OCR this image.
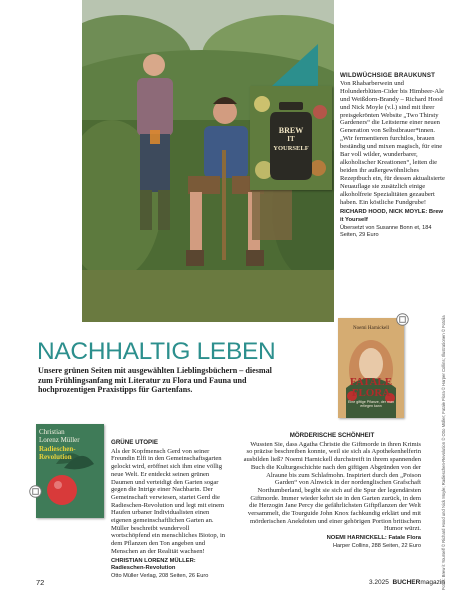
BREW
IT
YOURSELF
WILDWÜCHSIGE BRAUKUNST
Von Rhabarberwein und Holunderblüten-Cider bis Himbeer-Ale und Weißdorn-Brandy – Richard Hood und Nick Moyle (v.l.) sind mit ihrer preisgekrönten Website „Two Thirsty Gardeners“ die Leitsterne einer neuen Generation von Selbstbrauer*innen. „Wir fermentieren furchtlos, brauen beständig und mixen magisch, für eine Bar voll wilder, wunderbarer, alkoholischer Kreationen“, leiten die beiden ihr außergewöhnliches Rezeptbuch ein, für dessen aktualisierte Neuauflage sie zusätzlich einige alkoholfreie Spezialitäten gezaubert haben. Ein köstliche Fundgrube!
RICHARD HOOD, NICK MOYLE: Brew it Yourself
Übersetzt von Susanne Bonn et, 184 Seiten, 29 Euro
NACHHALTIG LEBEN
Unsere grünen Seiten mit ausgewählten Lieblingsbüchern – diesmal zum Frühlingsanfang mit Literatur zu Flora und Fauna und hochprozentigen Praxistipps für Gartenfans.
Noemi Harnickell
FATALE
FLORA
Eine giftige Pflanze, der man erliegen kann
Christian
Lorenz Müller
Radieschen-
Revolution
GRÜNE UTOPIE
Als der Kopfmensch Gerd von seiner Freundin Elfi in den Gemeinschaftsgarten gelockt wird, eröffnet sich ihm eine völlig neue Welt. Er entdeckt seinen grünen Daumen und verteidigt den Garten sogar gegen die Intrige einer Nachbarin. Der Gemeinschaft verwiesen, startet Gerd die Radieschen-Revolution und legt mit einem Haufen urbaner Individualisten einen eigenen gemeinschaftlichen Garten an. Müller beschreibt wundervoll wortschöpfend ein menschliches Biotop, in dem Pflanzen den Ton angeben und Menschen an der Realität wachsen!
CHRISTIAN LORENZ MÜLLER: Radieschen-Revolution
Otto Müller Verlag, 208 Seiten, 26 Euro
MÖRDERISCHE SCHÖNHEIT
Wussten Sie, dass Agatha Christie die Giftmorde in ihren Krimis so präzise beschreiben konnte, weil sie sich als Apothekenhelferin ausbilden ließ? Noemi Harnickell durchstreift in ihrem spannenden Buch die Kulturgeschichte nach den giftigen Abgründen von der Alraune bis zum Schlafmohn. Inspiriert durch den „Poison Garden“ von Alnwick in der nordenglischen Grafschaft Northumberland, begibt sie sich auf die Spur der legendärsten Giftmorde. Immer wieder kehrt sie in den Garten zurück, in dem die Herzogin Jane Percy die gefährlichsten Giftpflanzen der Welt versammelt, die Tourguide John Knox fachkundig erklärt und mit mörderischen Anekdoten und einer gehörigen Portion britischem Humor würzt.
NOEMI HARNICKELL: Fatale Flora
Harper Collins, 288 Seiten, 22 Euro	Fotos: Brew it Yourself © Richard Hood und Nick Moyle; Radieschen-Revolution © Otto Müller; Fatale Flora © Harper Collins; Illustrationen © Fotolia
72	3.2025 BUCHERmagazin
